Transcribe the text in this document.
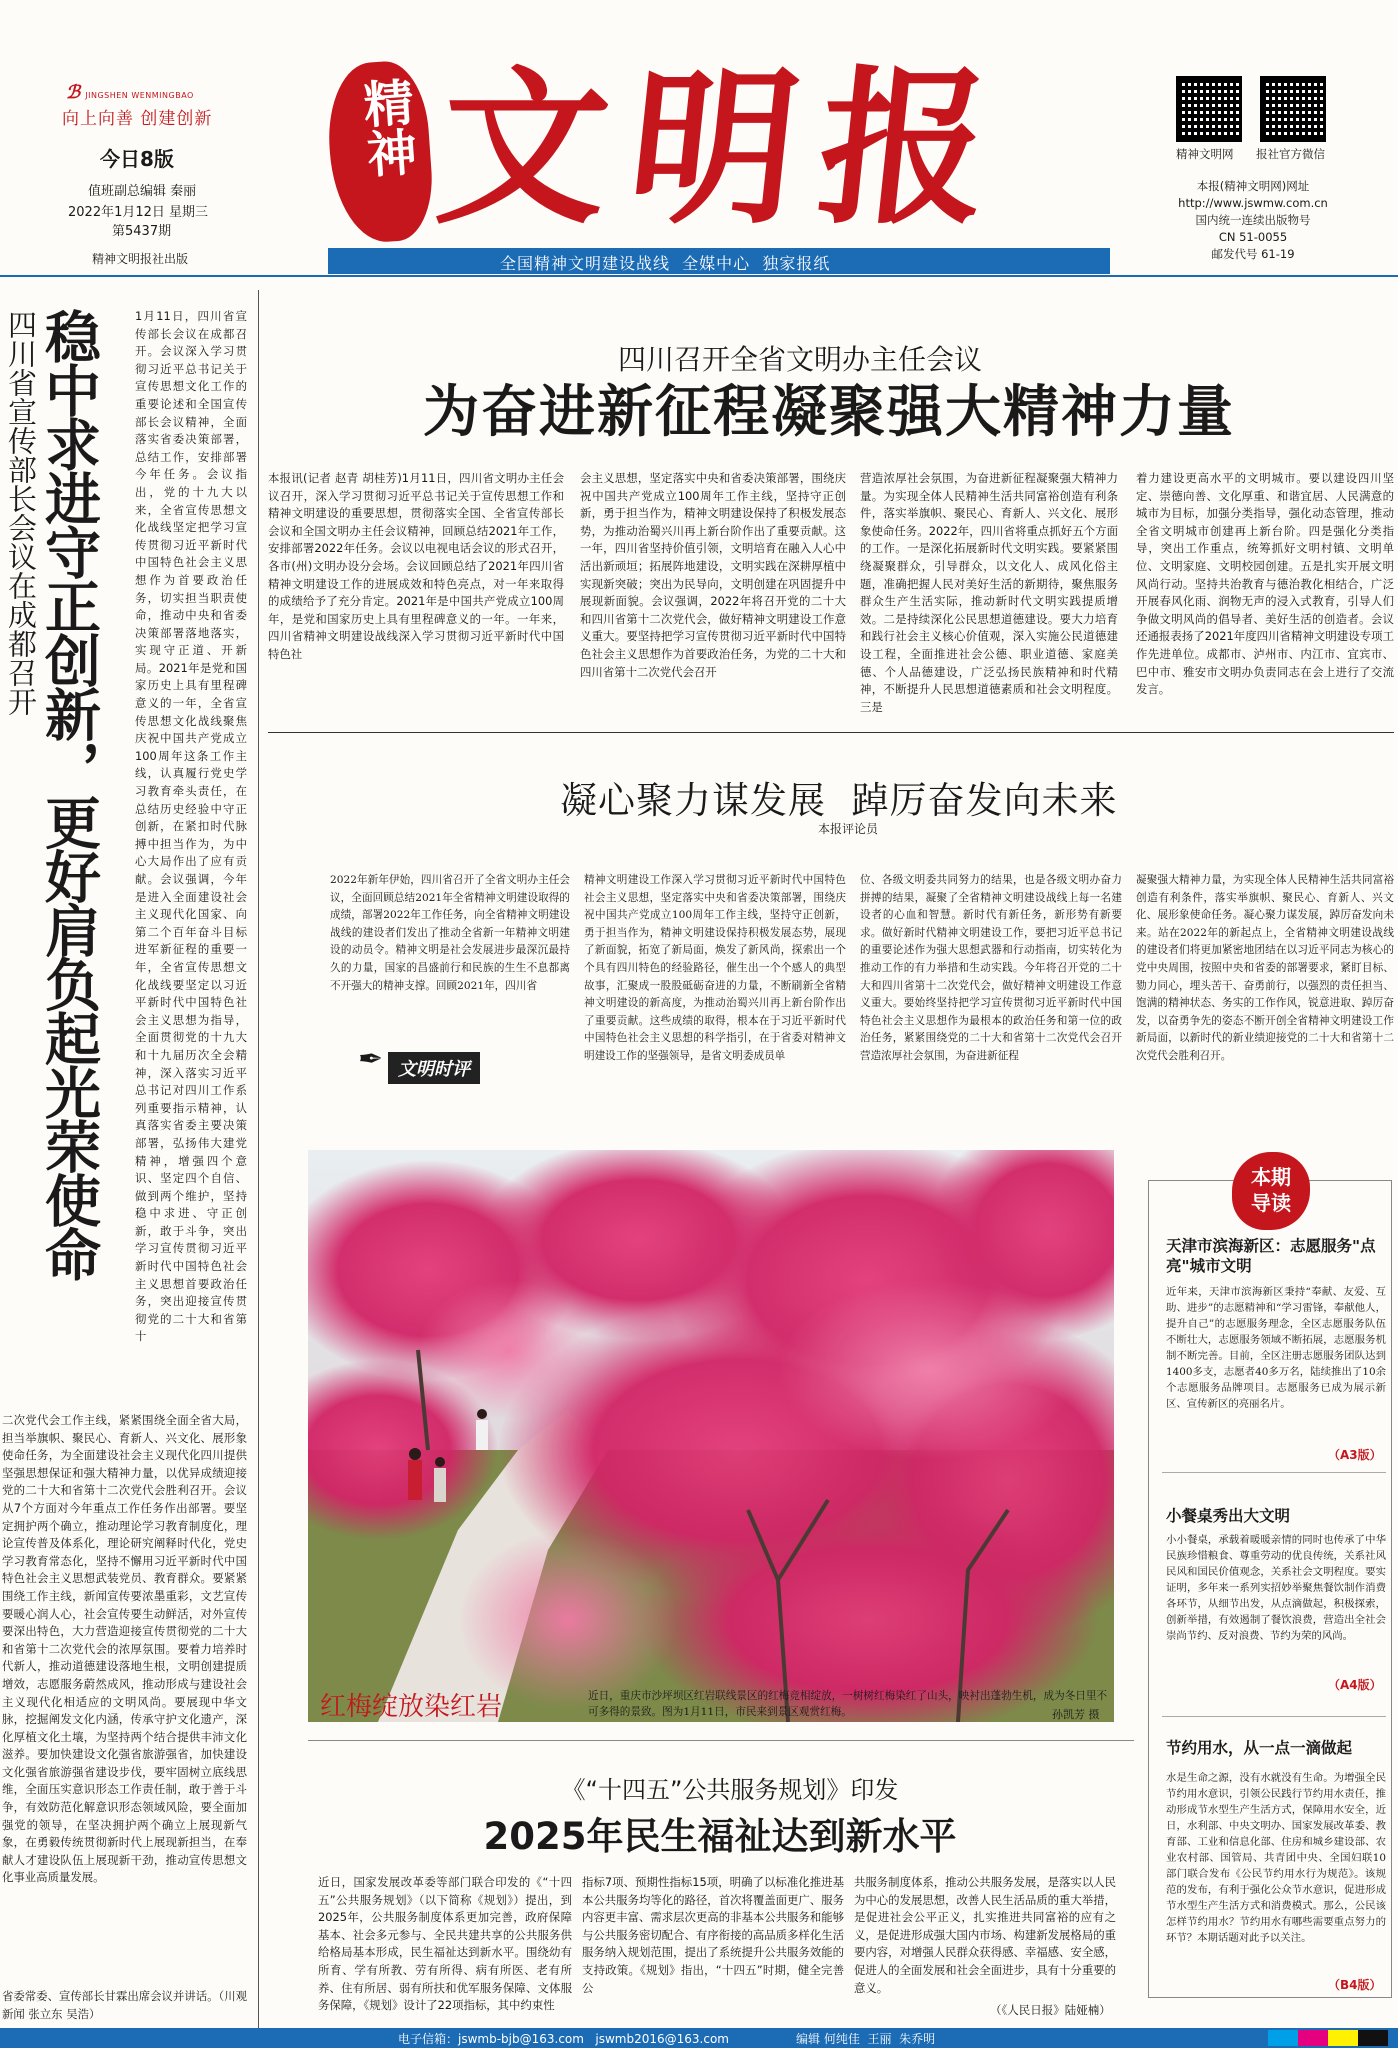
ℬ JINGSHEN WENMINGBAO
向上向善 创建创新
今日8版
值班副总编辑 秦丽
2022年1月12日 星期三
第5437期
精神文明报社出版
精神 文明报
全国精神文明建设战线  全媒中心  独家报纸
精神文明网 报社官方微信
本报(精神文明网)网址
http://www.jswmw.com.cn
国内统一连续出版物号
CN 51-0055
邮发代号 61-19
四川省宣传部长会议在成都召开
稳中求进守正创新，更好肩负起光荣使命	1月11日，四川省宣传部长会议在成都召开。会议深入学习贯彻习近平总书记关于宣传思想文化工作的重要论述和全国宣传部长会议精神，全面落实省委决策部署，总结工作，安排部署今年任务。会议指出，党的十九大以来，全省宣传思想文化战线坚定把学习宣传贯彻习近平新时代中国特色社会主义思想作为首要政治任务，切实担当职责使命，推动中央和省委决策部署落地落实，实现守正道、开新局。2021年是党和国家历史上具有里程碑意义的一年，全省宣传思想文化战线聚焦庆祝中国共产党成立100周年这条工作主线，认真履行党史学习教育牵头责任，在总结历史经验中守正创新，在紧扣时代脉搏中担当作为，为中心大局作出了应有贡献。会议强调，今年是进入全面建设社会主义现代化国家、向第二个百年奋斗目标进军新征程的重要一年，全省宣传思想文化战线要坚定以习近平新时代中国特色社会主义思想为指导，全面贯彻党的十九大和十九届历次全会精神，深入落实习近平总书记对四川工作系列重要指示精神，认真落实省委主要决策部署，弘扬伟大建党精神，增强四个意识、坚定四个自信、做到两个维护，坚持稳中求进、守正创新，敢于斗争，突出学习宣传贯彻习近平新时代中国特色社会主义思想首要政治任务，突出迎接宣传贯彻党的二十大和省第十
二次党代会工作主线，紧紧围绕全面全省大局，担当举旗帜、聚民心、育新人、兴文化、展形象使命任务，为全面建设社会主义现代化四川提供坚强思想保证和强大精神力量，以优异成绩迎接党的二十大和省第十二次党代会胜利召开。会议从7个方面对今年重点工作任务作出部署。要坚定拥护两个确立，推动理论学习教育制度化，理论宣传普及体系化，理论研究阐释时代化，党史学习教育常态化，坚持不懈用习近平新时代中国特色社会主义思想武装党员、教育群众。要紧紧围绕工作主线，新闻宣传要浓墨重彩，文艺宣传要暖心润人心，社会宣传要生动鲜活，对外宣传要深出特色，大力营造迎接宣传贯彻党的二十大和省第十二次党代会的浓厚氛围。要着力培养时代新人，推动道德建设落地生根，文明创建提质增效，志愿服务蔚然成风，推动形成与建设社会主义现代化相适应的文明风尚。要展现中华文脉，挖掘阐发文化内涵，传承守护文化遗产，深化厚植文化土壤，为坚持两个结合提供丰沛文化滋养。要加快建设文化强省旅游强省，加快建设文化强省旅游强省建设步伐，要牢固树立底线思维，全面压实意识形态工作责任制，敢于善于斗争，有效防范化解意识形态领域风险，要全面加强党的领导，在坚决拥护两个确立上展现新气象，在勇毅传统贯彻新时代上展现新担当，在奉献人才建设队伍上展现新干劲，推动宣传思想文化事业高质量发展。
省委常委、宣传部长甘霖出席会议并讲话。（川观新闻 张立东 吴浩）
四川召开全省文明办主任会议
为奋进新征程凝聚强大精神力量
本报讯(记者 赵青 胡桂芳)1月11日，四川省文明办主任会议召开，深入学习贯彻习近平总书记关于宣传思想工作和精神文明建设的重要思想，贯彻落实全国、全省宣传部长会议和全国文明办主任会议精神，回顾总结2021年工作，安排部署2022年任务。会议以电视电话会议的形式召开，各市(州)文明办设分会场。会议回顾总结了2021年四川省精神文明建设工作的进展成效和特色亮点，对一年来取得的成绩给予了充分肯定。2021年是中国共产党成立100周年，是党和国家历史上具有里程碑意义的一年。一年来，四川省精神文明建设战线深入学习贯彻习近平新时代中国特色社
会主义思想，坚定落实中央和省委决策部署，围绕庆祝中国共产党成立100周年工作主线，坚持守正创新，勇于担当作为，精神文明建设保持了积极发展态势，为推动治蜀兴川再上新台阶作出了重要贡献。这一年，四川省坚持价值引领，文明培育在融入人心中活出新顽垣；拓展阵地建设，文明实践在深耕厚植中实现新突破；突出为民导向，文明创建在巩固提升中展现新面貌。会议强调，2022年将召开党的二十大和四川省第十二次党代会，做好精神文明建设工作意义重大。要坚持把学习宣传贯彻习近平新时代中国特色社会主义思想作为首要政治任务，为党的二十大和四川省第十二次党代会召开
营造浓厚社会氛围，为奋进新征程凝聚强大精神力量。为实现全体人民精神生活共同富裕创造有利条件，落实举旗帜、聚民心、育新人、兴文化、展形象使命任务。2022年，四川省将重点抓好五个方面的工作。一是深化拓展新时代文明实践。要紧紧围绕凝聚群众，引导群众，以文化人、成风化俗主题，准确把握人民对美好生活的新期待，聚焦服务群众生产生活实际，推动新时代文明实践提质增效。二是持续深化公民思想道德建设。要大力培育和践行社会主义核心价值观，深入实施公民道德建设工程，全面推进社会公德、职业道德、家庭美德、个人品德建设，广泛弘扬民族精神和时代精神，不断提升人民思想道德素质和社会文明程度。三是
着力建设更高水平的文明城市。要以建设四川坚定、崇德向善、文化厚重、和谐宜居、人民满意的城市为目标，加强分类指导，强化动态管理，推动全省文明城市创建再上新台阶。四是强化分类指导，突出工作重点，统筹抓好文明村镇、文明单位、文明家庭、文明校园创建。五是扎实开展文明风尚行动。坚持共治教育与德治教化相结合，广泛开展春风化雨、润物无声的浸入式教育，引导人们争做文明风尚的倡导者、美好生活的创造者。会议还通报表扬了2021年度四川省精神文明建设专项工作先进单位。成都市、泸州市、内江市、宜宾市、巴中市、雅安市文明办负责同志在会上进行了交流发言。
凝心聚力谋发展  踔厉奋发向未来
本报评论员
2022年新年伊始，四川省召开了全省文明办主任会议，全面回顾总结2021年全省精神文明建设取得的成绩，部署2022年工作任务，向全省精神文明建设战线的建设者们发出了推动全省新一年精神文明建设的动员令。精神文明是社会发展进步最深沉最持久的力量，国家的昌盛前行和民族的生生不息都离不开强大的精神支撑。回顾2021年，四川省
✒ 文明时评
精神文明建设工作深入学习贯彻习近平新时代中国特色社会主义思想，坚定落实中央和省委决策部署，围绕庆祝中国共产党成立100周年工作主线，坚持守正创新，勇于担当作为，精神文明建设保持积极发展态势，展现了新面貌，拓宽了新局面，焕发了新风尚，探索出一个个具有四川特色的经验路径，催生出一个个感人的典型故事，汇聚成一股股砥砺奋进的力量，不断刷新全省精神文明建设的新高度，为推动治蜀兴川再上新台阶作出了重要贡献。这些成绩的取得，根本在于习近平新时代中国特色社会主义思想的科学指引，在于省委对精神文明建设工作的坚强领导，是省文明委成员单
位、各级文明委共同努力的结果，也是各级文明办奋力拼搏的结果，凝聚了全省精神文明建设战线上每一名建设者的心血和智慧。新时代有新任务，新形势有新要求。做好新时代精神文明建设工作，要把习近平总书记的重要论述作为强大思想武器和行动指南，切实转化为推动工作的有力举措和生动实践。今年将召开党的二十大和四川省第十二次党代会，做好精神文明建设工作意义重大。要始终坚持把学习宣传贯彻习近平新时代中国特色社会主义思想作为最根本的政治任务和第一位的政治任务，紧紧围绕党的二十大和省第十二次党代会召开营造浓厚社会氛围，为奋进新征程
凝聚强大精神力量，为实现全体人民精神生活共同富裕创造有利条件，落实举旗帜、聚民心、育新人、兴文化、展形象使命任务。凝心聚力谋发展，踔厉奋发向未来。站在2022年的新起点上，全省精神文明建设战线的建设者们将更加紧密地团结在以习近平同志为核心的党中央周围，按照中央和省委的部署要求，紧盯目标、勠力同心，埋头苦干、奋勇前行，以强烈的责任担当、饱满的精神状态、务实的工作作风，锐意进取、踔厉奋发，以奋勇争先的姿态不断开创全省精神文明建设工作新局面，以新时代的新业绩迎接党的二十大和省第十二次党代会胜利召开。
红梅绽放染红岩	近日，重庆市沙坪坝区红岩联线景区的红梅竞相绽放，一树树红梅染红了山头，映衬出蓬勃生机，成为冬日里不可多得的景致。图为1月11日，市民来到景区观赏红梅。	孙凯芳 摄
本期
导读
天津市滨海新区：志愿服务"点亮"城市文明
近年来，天津市滨海新区秉持“奉献、友爱、互助、进步”的志愿精神和“学习雷锋，奉献他人，提升自己”的志愿服务理念，全区志愿服务队伍不断壮大，志愿服务领域不断拓展，志愿服务机制不断完善。目前，全区注册志愿服务团队达到1400多支，志愿者40多万名，陆续推出了10余个志愿服务品牌项目。志愿服务已成为展示新区、宣传新区的亮丽名片。
（A3版）
小餐桌秀出大文明
小小餐桌，承载着暖暖亲情的同时也传承了中华民族珍惜粮食、尊重劳动的优良传统，关系社风民风和国民价值观念，关系社会文明程度。要实证明，多年来一系列实招妙举聚焦餐饮制作消费各环节，从细节出发，从点滴做起，积极探索，创新举措，有效遏制了餐饮浪费，营造出全社会崇尚节约、反对浪费、节约为荣的风尚。
（A4版）
节约用水，从一点一滴做起
水是生命之源，没有水就没有生命。为增强全民节约用水意识，引领公民践行节约用水责任，推动形成节水型生产生活方式，保障用水安全，近日，水利部、中央文明办、国家发展改革委、教育部、工业和信息化部、住房和城乡建设部、农业农村部、国管局、共青团中央、全国妇联10部门联合发布《公民节约用水行为规范》。该规范的发布，有利于强化公众节水意识，促进形成节水型生产生活方式和消费模式。那么，公民该怎样节约用水？节约用水有哪些需要重点努力的环节？本期话题对此予以关注。
（B4版）
《“十四五”公共服务规划》印发
2025年民生福祉达到新水平
近日，国家发展改革委等部门联合印发的《“十四五”公共服务规划》（以下简称《规划》）提出，到2025年，公共服务制度体系更加完善，政府保障基本、社会多元参与、全民共建共享的公共服务供给格局基本形成，民生福祉达到新水平。围绕幼有所育、学有所教、劳有所得、病有所医、老有所养、住有所居、弱有所扶和优军服务保障、文体服务保障，《规划》设计了22项指标，其中约束性
指标7项、预期性指标15项，明确了以标准化推进基本公共服务均等化的路径，首次将覆盖面更广、服务内容更丰富、需求层次更高的非基本公共服务和能够与公共服务密切配合、有序衔接的高品质多样化生活服务纳入规划范围，提出了系统提升公共服务效能的支持政策。《规划》指出，“十四五”时期，健全完善公
共服务制度体系，推动公共服务发展，是落实以人民为中心的发展思想，改善人民生活品质的重大举措，是促进社会公平正义，扎实推进共同富裕的应有之义，是促进形成强大国内市场、构建新发展格局的重要内容，对增强人民群众获得感、幸福感、安全感，促进人的全面发展和社会全面进步，具有十分重要的意义。
（《人民日报》陆娅楠）
电子信箱：jswmb-bjb@163.com   jswmb2016@163.com	编辑 何纯佳  王丽  朱乔明
